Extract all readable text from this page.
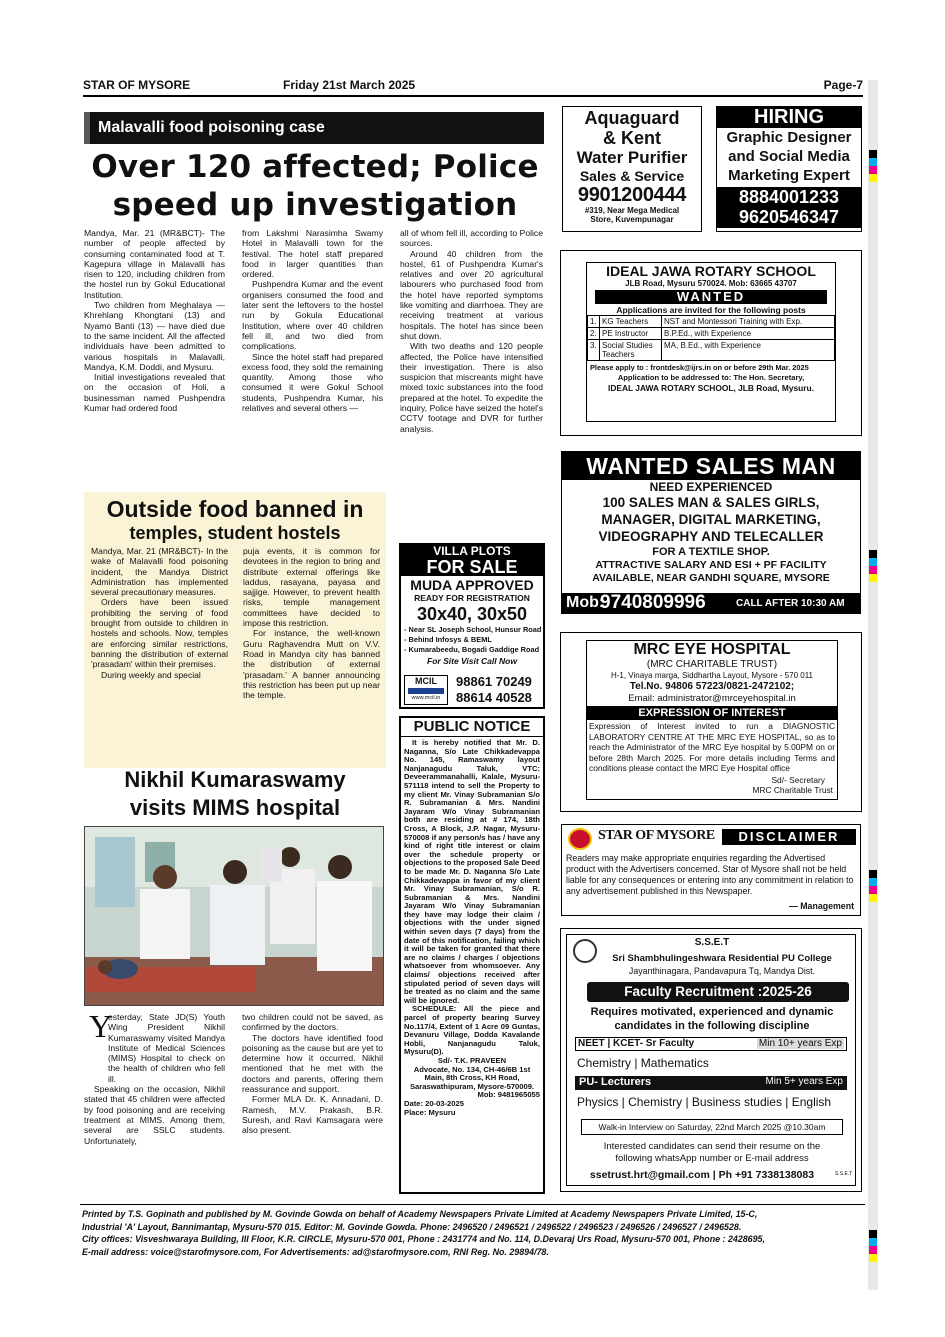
STAR OF MYSORE	Friday 21st March 2025	Page-7
Malavalli food poisoning case
Over 120 affected; Police
speed up investigation

Mandya, Mar. 21 (MR&BCT)- The number of people affected by consuming contaminated food at T. Kagepura village in Malavalli has risen to 120, including children from the hostel run by Gokul Educational Institution.

Two children from Meghalaya — Khrehlang Khongtani (13) and Nyamo Banti (13) — have died due to the same incident. All the affected individuals have been admitted to various hospitals in Malavalli, Mandya, K.M. Doddi, and Mysuru.

Initial investigations revealed that on the occasion of Holi, a businessman named Pushpendra Kumar had ordered food

from Lakshmi Narasimha Swamy Hotel in Malavalli town for the festival. The hotel staff prepared food in larger quantities than ordered.

Pushpendra Kumar and the event organisers consumed the food and later sent the leftovers to the hostel run by Gokula Educational Institution, where over 40 children fell ill, and two died from complications.

Since the hotel staff had prepared excess food, they sold the remaining quantity. Among those who consumed it were Gokul School students, Pushpendra Kumar, his relatives and several others —

all of whom fell ill, according to Police sources.

Around 40 children from the hostel, 61 of Pushpendra Kumar's relatives and over 20 agricultural labourers who purchased food from the hotel have reported symptoms like vomiting and diarrhoea. They are receiving treatment at various hospitals. The hotel has since been shut down.

With two deaths and 120 people affected, the Police have intensified their investigation. There is also suspicion that miscreants might have mixed toxic substances into the food prepared at the hotel. To expedite the inquiry, Police have seized the hotel's CCTV footage and DVR for further analysis.

Outside food banned in
temples, student hostels

Mandya, Mar. 21 (MR&BCT)- In the wake of Malavalli food poisoning incident, the Mandya District Administration has implemented several precautionary measures.

Orders have been issued prohibiting the serving of food brought from outside to children in hostels and schools. Now, temples are enforcing similar restrictions, banning the distribution of external 'prasadam' within their premises.

During weekly and special

puja events, it is common for devotees in the region to bring and distribute external offerings like laddus, rasayana, payasa and sajjige. However, to prevent health risks, temple management committees have decided to impose this restriction.

For instance, the well-known Guru Raghavendra Mutt on V.V. Road in Mandya city has banned the distribution of external 'prasadam.' A banner announcing this restriction has been put up near the temple.

Nikhil Kumaraswamy
visits MIMS hospital
Y

esterday, State JD(S) Youth Wing President Nikhil Kumaraswamy visited Mandya Institute of Medical Sciences (MIMS) Hospital to check on the health of children who fell ill.

Speaking on the occasion, Nikhil stated that 45 children were affected by food poisoning and are receiving treatment at MIMS. Among them, several are SSLC students. Unfortunately,

two children could not be saved, as confirmed by the doctors.

The doctors have identified food poisoning as the cause but are yet to determine how it occurred. Nikhil mentioned that he met with the doctors and parents, offering them reassurance and support.

Former MLA Dr. K. Annadani, D. Ramesh, M.V. Prakash, B.R. Suresh, and Ravi Kamsagara were also present.

VILLA PLOTS
FOR SALE
MUDA APPROVED
READY FOR REGISTRATION
30x40, 30x50
- Near SL Joseph School, Hunsur Road
- Behind Infosys & BEML
- Kumarabeedu, Bogadi Gaddige Road
For Site Visit Call Now
MCIL
www.mcil.in
98861 70249
88614 40528
PUBLIC NOTICE
It is hereby notified that Mr. D. Naganna, S/o Late Chikkadevappa No. 145, Ramaswamy layout Nanjanagudu Taluk, VTC: Deveerammanahalli, Kalale, Mysuru-571118 intend to sell the Property to my client Mr. Vinay Subramanian S/o R. Subramanian & Mrs. Nandini Jayaram W/o Vinay Subramanian both are residing at # 174, 18th Cross, A Block, J.P. Nagar, Mysuru- 570008 if any person/s has / have any kind of right title interest or claim over the schedule property or objections to the proposed Sale Deed to be made Mr. D. Naganna S/o Late Chikkadevappa in favor of my client Mr. Vinay Subramanian, S/o R. Subramanian & Mrs. Nandini Jayaram W/o Vinay Subramanian they have may lodge their claim / objections with the under signed within seven days (7 days) from the date of this notification, failing which it will be taken for granted that there are no claims / charges / objections whatsoever from whomsoever. Any claims/ objections received after stipulated period of seven days will be treated as no claim and the same will be ignored.
SCHEDULE: All the piece and parcel of property bearing Survey No.117/4, Extent of 1 Acre 09 Guntas, Devanuru Village, Dodda Kavalande Hobli, Nanjanagudu Taluk, Mysuru(D).
Sd/- T.K. PRAVEEN
Advocate, No. 134, CH-46/6B 1st Main, 8th Cross, KH Road, Saraswathipuram, Mysore-570009.
Mob: 9481965055
Date: 20-03-2025
Place: Mysuru
Aquaguard
& Kent
Water Purifier
Sales & Service
9901200444
#319, Near Mega Medical
Store, Kuvempunagar
HIRING
Graphic Designer
and Social Media
Marketing Expert
8884001233
9620546347
IDEAL JAWA ROTARY SCHOOL
JLB Road, Mysuru 570024. Mob: 63665 43707
WANTED
Applications are invited for the following posts
1.	KG Teachers	NST and Montessori Training with Exp.
2.	PE Instructor	B.P.Ed., with Experience
3.	Social Studies Teachers	MA, B.Ed., with Experience
Please apply to : frontdesk@ijrs.in on or before 29th Mar. 2025
Application to be addressed to: The Hon. Secretary,
IDEAL JAWA ROTARY SCHOOL, JLB Road, Mysuru.
WANTED SALES MAN
NEED EXPERIENCED
100 SALES MAN & SALES GIRLS,
MANAGER, DIGITAL MARKETING,
VIDEOGRAPHY AND TELECALLER
FOR A TEXTILE SHOP.
ATTRACTIVE SALARY AND ESI + PF FACILITY
AVAILABLE, NEAR GANDHI SQUARE, MYSORE
Mob:
9740809996	CALL AFTER 10:30 AM
MRC EYE HOSPITAL
(MRC CHARITABLE TRUST)
H-1, Vinaya marga, Siddhartha Layout, Mysore - 570 011
Tel.No. 94806 57223/0821-2472102;
Email: administrator@mrceyehospital.in
EXPRESSION OF INTEREST
Expression of Interest invited to run a DIAGNOSTIC LABORATORY CENTRE AT THE MRC EYE HOSPITAL, so as to reach the Administrator of the MRC Eye hospital by 5.00PM on or before 28th March 2025. For more details including Terms and conditions please contact the MRC Eye Hospital office
Sd/- Secretary
MRC Charitable Trust
STAR OF MYSORE	DISCLAIMER
Readers may make appropriate enquiries regarding the Advertised product with the Advertisers concerned. Star of Mysore shall not be held liable for any consequences or entering into any commitment in relation to any advertisement published in this Newspaper.
— Management
S.S.E.T
Sri Shambhulingeshwara Residential PU College
Jayanthinagara, Pandavapura Tq, Mandya Dist.
Faculty Recruitment :2025-26
Requires motivated, experienced and dynamic
candidates in the following discipline
NEET | KCET- Sr Faculty	Min 10+ years Exp
Chemistry | Mathematics
PU- Lecturers	Min 5+ years Exp
Physics | Chemistry | Business studies | English
Walk-in Interview on Saturday, 22nd March 2025 @10.30am
Interested candidates can send their resume on the
following whatsApp number or E-mail address
ssetrust.hrt@gmail.com | Ph +91 7338138083	S.S.E.T
Printed by T.S. Gopinath and published by M. Govinde Gowda on behalf of Academy Newspapers Private Limited at Academy Newspapers Private Limited, 15-C,
Industrial 'A' Layout, Bannimantap, Mysuru-570 015. Editor: M. Govinde Gowda. Phone: 2496520 / 2496521 / 2496522 / 2496523 / 2496526 / 2496527 / 2496528.
City offices: Visveshwaraya Building, III Floor, K.R. CIRCLE, Mysuru-570 001, Phone : 2431774 and No. 114, D.Devaraj Urs Road, Mysuru-570 001, Phone : 2428695,
E-mail address: voice@starofmysore.com, For Advertisements: ad@starofmysore.com, RNI Reg. No. 29894/78.
